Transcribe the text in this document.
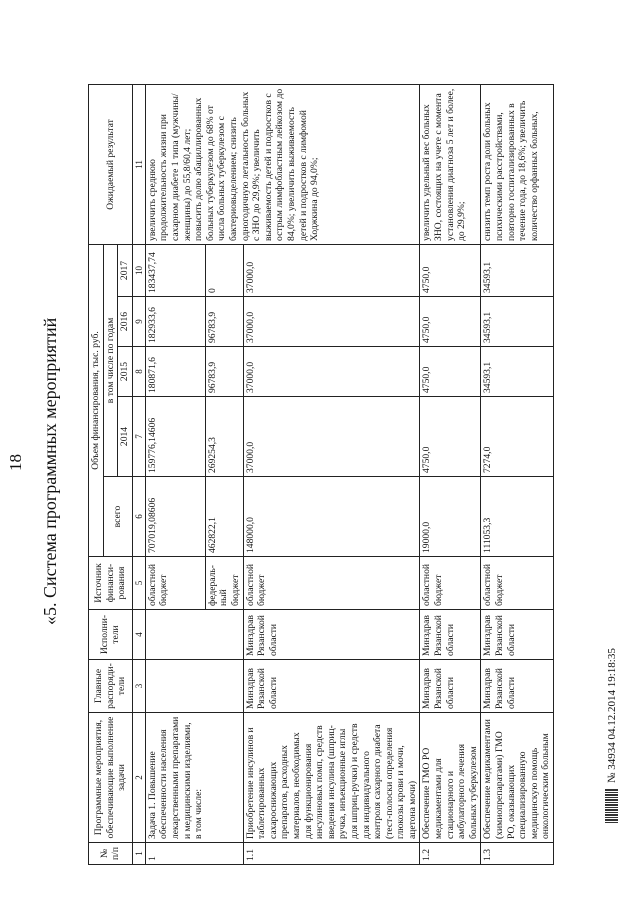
18 «5. Система программных мероприятий
№ п/п	Программные мероприятия, обеспечивающие выполнение задачи	Главные распоряди-тели	Исполни-тели	Источник финанси-рования	Объем финансирования, тыс. руб.					Ожидаемый результат
					всего	в том числе по годам				
						2014	2015	2016	2017	
1	2	3	4	5	6	7	8	9	10	11
1	Задача 1. Повышение обеспеченности населения лекарственными препаратами и медицинскими изделиями, в том числе:			областной бюджет	707019,08606	159776,14606	180871,6	182933,6	183437,74	увеличить среднюю продолжительность жизни при сахарном диабете 1 типа (мужчины/женщины) до 55,8/60,4 лет; повысить долю абациллированных больных туберкулезом до 68% от числа больных туберкулезом с бактериовыделением; снизить одногодичную летальность больных с ЗНО до 29,9%; увеличить выживаемость детей и подростков с острым лимфобластным лейкозом до 84,0%; увеличить выживаемость детей и подростков с лимфомой Ходжкина до 94,0%;
				федераль-ный бюджет	462822,1	269254,3	96783,9	96783,9	0	
1.1	Приобретение инсулинов и таблетированных сахароснижающих препаратов, расходных материалов, необходимых для функционирования инсулиновых помп, средств введения инсулина (шприц-ручка, инъекционные иглы для шприц-ручки) и средств для индивидуального контроля сахарного диабета (тест-полоски определения глюкозы крови и мочи, ацетона мочи)	Минздрав Рязанской области	Минздрав Рязанской области	областной бюджет	148000,0	37000,0	37000,0	37000,0	37000,0	
1.2	Обеспечение ГМО РО медикаментами для стационарного и амбулаторного лечения больных туберкулезом	Минздрав Рязанской области	Минздрав Рязанской области	областной бюджет	19000,0	4750,0	4750,0	4750,0	4750,0	увеличить удельный вес больных ЗНО, состоящих на учете с момента установления диагноза 5 лет и более, до 29,9%;
1.3	Обеспечение медикаментами (химиопрепаратами) ГМО РО, оказывающих специализированную медицинскую помощь онкологическим больным	Минздрав Рязанской области	Минздрав Рязанской области	областной бюджет	111053,3	7274,0	34593,1	34593,1	34593,1	снизить темп роста доли больных психическими расстройствами, повторно госпитализированных в течение года, до 18,6%; увеличить количество орфанных больных,
№ 34934 04.12.2014 19:18:35
